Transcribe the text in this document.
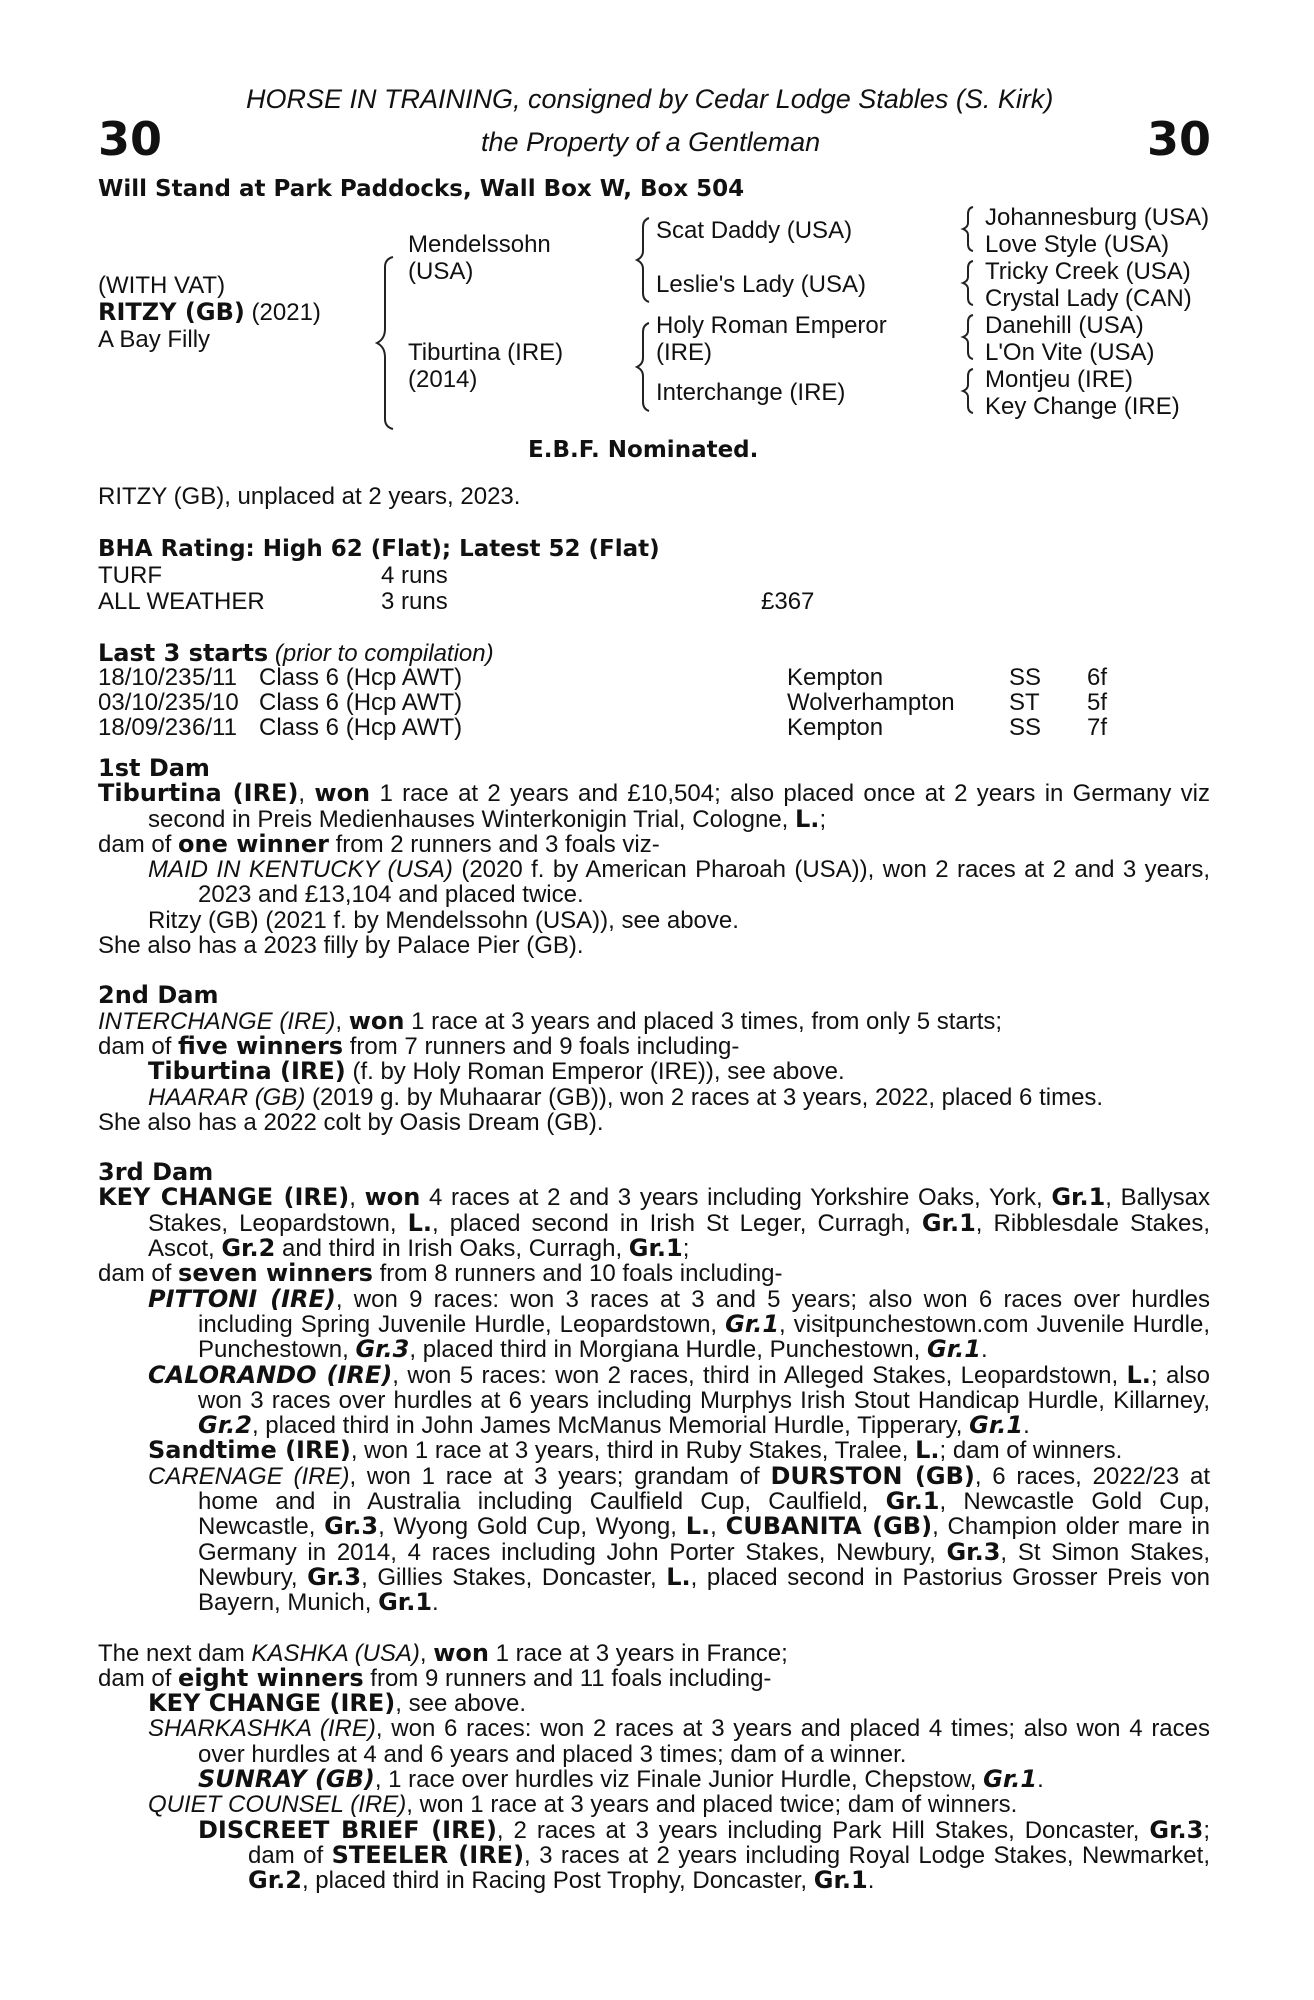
30	30
HORSE IN TRAINING, consigned by Cedar Lodge Stables (S. Kirk)
the Property of a Gentleman
Will Stand at Park Paddocks, Wall Box W, Box 504
(WITH VAT)
RITZY (GB) (2021)
A Bay Filly
Mendelssohn
(USA)
Tiburtina (IRE)
(2014)
Scat Daddy (USA)
Leslie's Lady (USA)
Holy Roman Emperor
(IRE)
Interchange (IRE)
Johannesburg (USA)
Love Style (USA)
Tricky Creek (USA)
Crystal Lady (CAN)
Danehill (USA)
L'On Vite (USA)
Montjeu (IRE)
Key Change (IRE)
E.B.F. Nominated.
RITZY (GB), unplaced at 2 years, 2023.
BHA Rating: High 62 (Flat); Latest 52 (Flat)
TURF	4 runs
ALL WEATHER	3 runs	£367
Last 3 starts (prior to compilation)
18/10/23	5/11	Class 6 (Hcp AWT)	Kempton	SS	6f
03/10/23	5/10	Class 6 (Hcp AWT)	Wolverhampton	ST	5f
18/09/23	6/11	Class 6 (Hcp AWT)	Kempton	SS	7f

1st Dam

Tiburtina (IRE), won 1 race at 2 years and £10,504; also placed once at 2 years in Germany viz second in Preis Medienhauses Winterkonigin Trial, Cologne, L.;

dam of one winner from 2 runners and 3 foals viz-

MAID IN KENTUCKY (USA) (2020 f. by American Pharoah (USA)), won 2 races at 2 and 3 years, 2023 and £13,104 and placed twice.

Ritzy (GB) (2021 f. by Mendelssohn (USA)), see above.

She also has a 2023 filly by Palace Pier (GB).

2nd Dam

INTERCHANGE (IRE), won 1 race at 3 years and placed 3 times, from only 5 starts;

dam of five winners from 7 runners and 9 foals including-

Tiburtina (IRE) (f. by Holy Roman Emperor (IRE)), see above.

HAARAR (GB) (2019 g. by Muhaarar (GB)), won 2 races at 3 years, 2022, placed 6 times.

She also has a 2022 colt by Oasis Dream (GB).

3rd Dam

KEY CHANGE (IRE), won 4 races at 2 and 3 years including Yorkshire Oaks, York, Gr.1, Ballysax Stakes, Leopardstown, L., placed second in Irish St Leger, Curragh, Gr.1, Ribblesdale Stakes, Ascot, Gr.2 and third in Irish Oaks, Curragh, Gr.1;

dam of seven winners from 8 runners and 10 foals including-

PITTONI (IRE), won 9 races: won 3 races at 3 and 5 years; also won 6 races over hurdles including Spring Juvenile Hurdle, Leopardstown, Gr.1, visitpunchestown.com Juvenile Hurdle, Punchestown, Gr.3, placed third in Morgiana Hurdle, Punchestown, Gr.1.

CALORANDO (IRE), won 5 races: won 2 races, third in Alleged Stakes, Leopardstown, L.; also won 3 races over hurdles at 6 years including Murphys Irish Stout Handicap Hurdle, Killarney, Gr.2, placed third in John James McManus Memorial Hurdle, Tipperary, Gr.1.

Sandtime (IRE), won 1 race at 3 years, third in Ruby Stakes, Tralee, L.; dam of winners.

CARENAGE (IRE), won 1 race at 3 years; grandam of DURSTON (GB), 6 races, 2022/23 at home and in Australia including Caulfield Cup, Caulfield, Gr.1, Newcastle Gold Cup, Newcastle, Gr.3, Wyong Gold Cup, Wyong, L., CUBANITA (GB), Champion older mare in Germany in 2014, 4 races including John Porter Stakes, Newbury, Gr.3, St Simon Stakes, Newbury, Gr.3, Gillies Stakes, Doncaster, L., placed second in Pastorius Grosser Preis von Bayern, Munich, Gr.1.

The next dam KASHKA (USA), won 1 race at 3 years in France;

dam of eight winners from 9 runners and 11 foals including-

KEY CHANGE (IRE), see above.

SHARKASHKA (IRE), won 6 races: won 2 races at 3 years and placed 4 times; also won 4 races over hurdles at 4 and 6 years and placed 3 times; dam of a winner.

SUNRAY (GB), 1 race over hurdles viz Finale Junior Hurdle, Chepstow, Gr.1.

QUIET COUNSEL (IRE), won 1 race at 3 years and placed twice; dam of winners.

DISCREET BRIEF (IRE), 2 races at 3 years including Park Hill Stakes, Doncaster, Gr.3; dam of STEELER (IRE), 3 races at 2 years including Royal Lodge Stakes, Newmarket, Gr.2, placed third in Racing Post Trophy, Doncaster, Gr.1.
